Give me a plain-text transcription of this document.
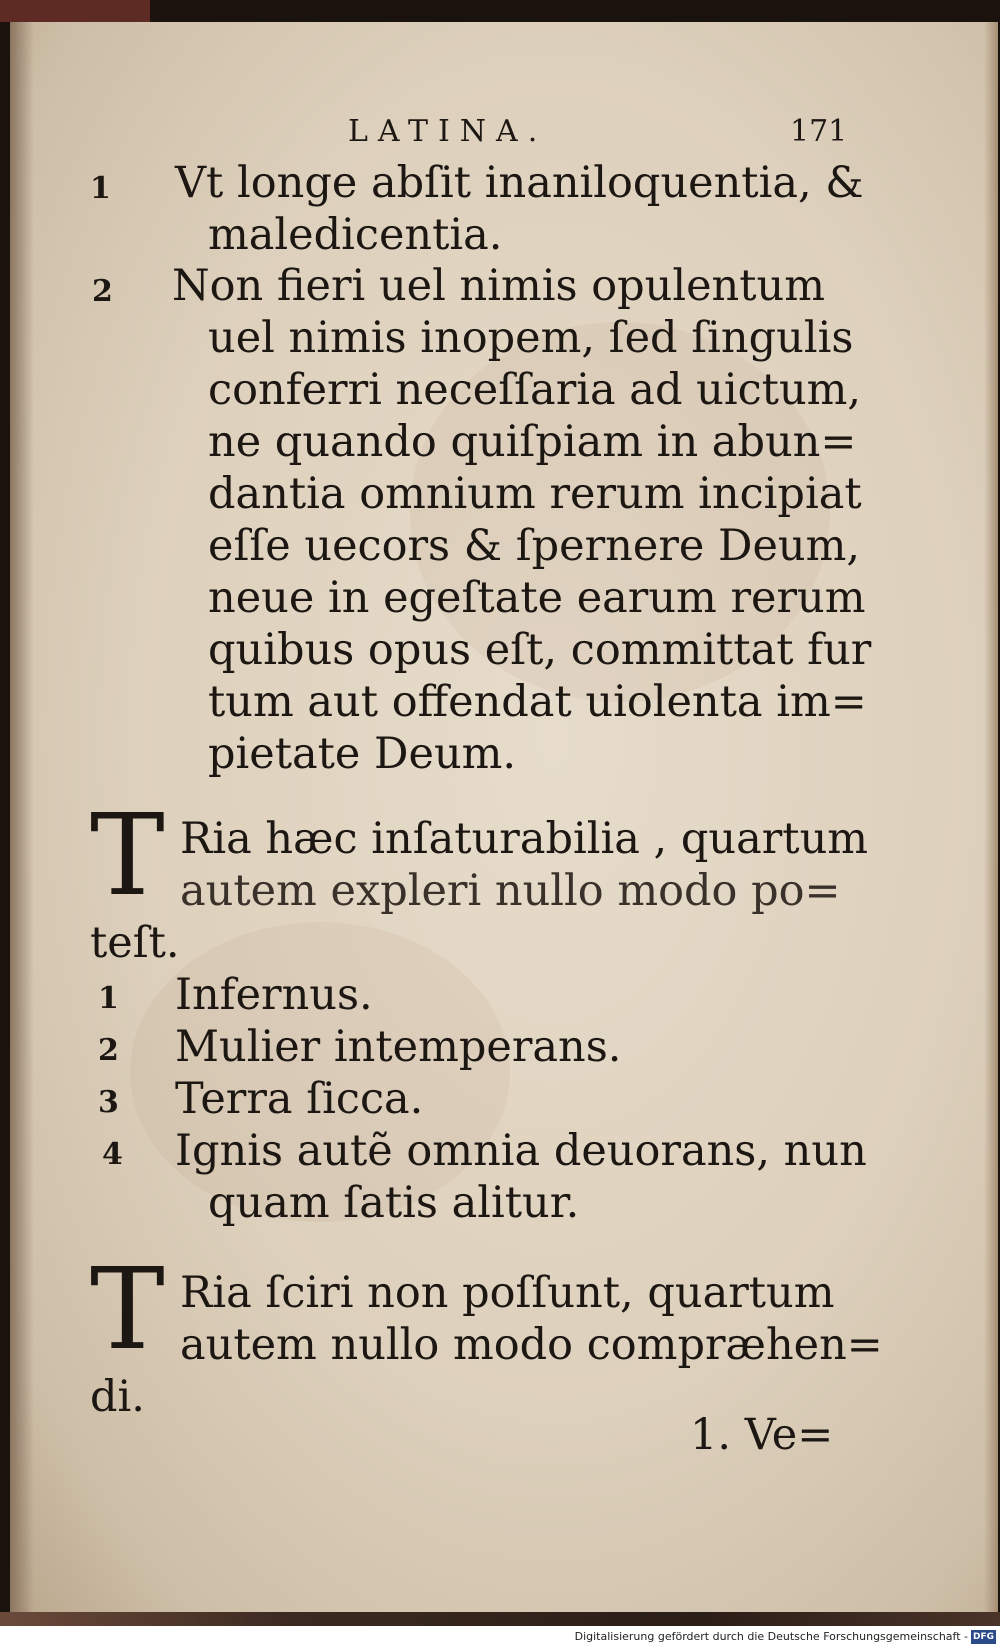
LATINA.	171
1 Vt longe abſit inaniloquentia, &
maledicentia.
2 Non fieri uel nimis opulentum
uel nimis inopem, ſed ſingulis
conferri neceſſaria ad uictum,
ne quando quiſpiam in abun=
dantia omnium rerum incipiat
eſſe uecors & ſpernere Deum,
neue in egeſtate earum rerum
quibus opus eſt, committat fur
tum aut offendat uiolenta im=
pietate Deum.
T Ria hæc inſaturabilia , quartum
autem expleri nullo modo po=
teſt.
1 Infernus.
2 Mulier intemperans.
3 Terra ſicca.
4 Ignis autẽ omnia deuorans, nun
quam ſatis alitur.
T Ria ſciri non poſſunt, quartum
autem nullo modo compræhen=
di.
1. Ve=
Digitalisierung gefördert durch die Deutsche Forschungsgemeinschaft - DFG
